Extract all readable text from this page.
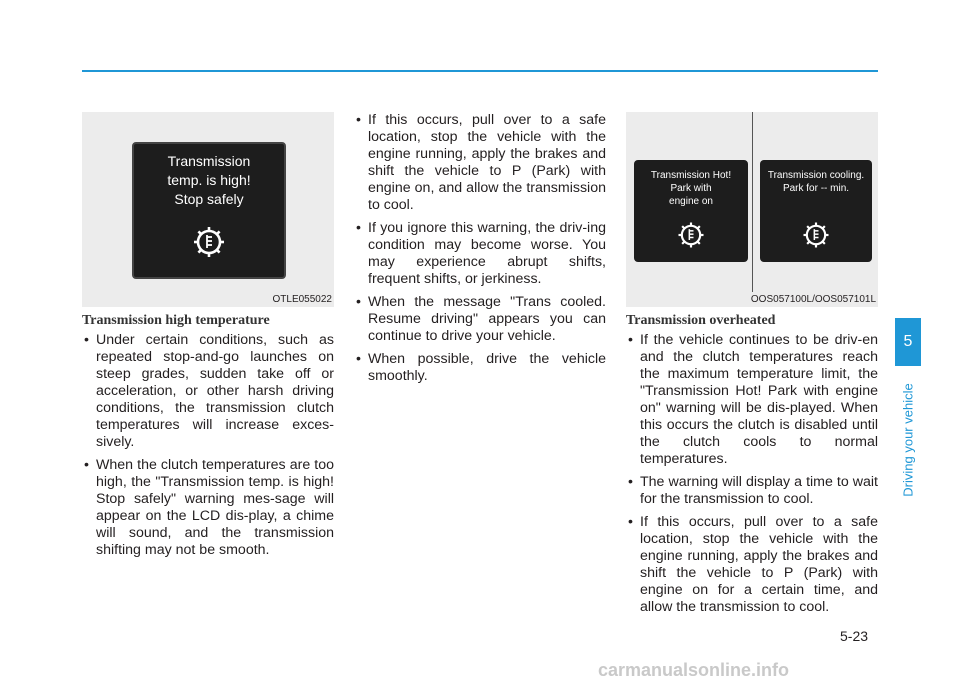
Transmission
temp. is high!
Stop safely
OTLE055022
Transmission high temperature
• Under certain conditions, such as repeated stop-and-go launches on steep grades, sudden take off or acceleration, or other harsh driving conditions, the transmission clutch temperatures will increase exces-sively.
• When the clutch temperatures are too high, the "Transmission temp. is high! Stop safely" warning mes-sage will appear on the LCD dis-play, a chime will sound, and the transmission shifting may not be smooth.
• If this occurs, pull over to a safe location, stop the vehicle with the engine running, apply the brakes and shift the vehicle to P (Park) with engine on, and allow the transmission to cool.
• If you ignore this warning, the driv-ing condition may become worse. You may experience abrupt shifts, frequent shifts, or jerkiness.
• When the message "Trans cooled. Resume driving" appears you can continue to drive your vehicle.
• When possible, drive the vehicle smoothly.
Transmission Hot!
Park with
engine on
Transmission cooling.
Park for -- min.
OOS057100L/OOS057101L
Transmission overheated
• If the vehicle continues to be driv-en and the clutch temperatures reach the maximum temperature limit, the "Transmission Hot! Park with engine on" warning will be dis-played. When this occurs the clutch is disabled until the clutch cools to normal temperatures.
• The warning will display a time to wait for the transmission to cool.
• If this occurs, pull over to a safe location, stop the vehicle with the engine running, apply the brakes and shift the vehicle to P (Park) with engine on for a certain time, and allow the transmission to cool.
5
Driving your vehicle
5-23
carmanualsonline.info
